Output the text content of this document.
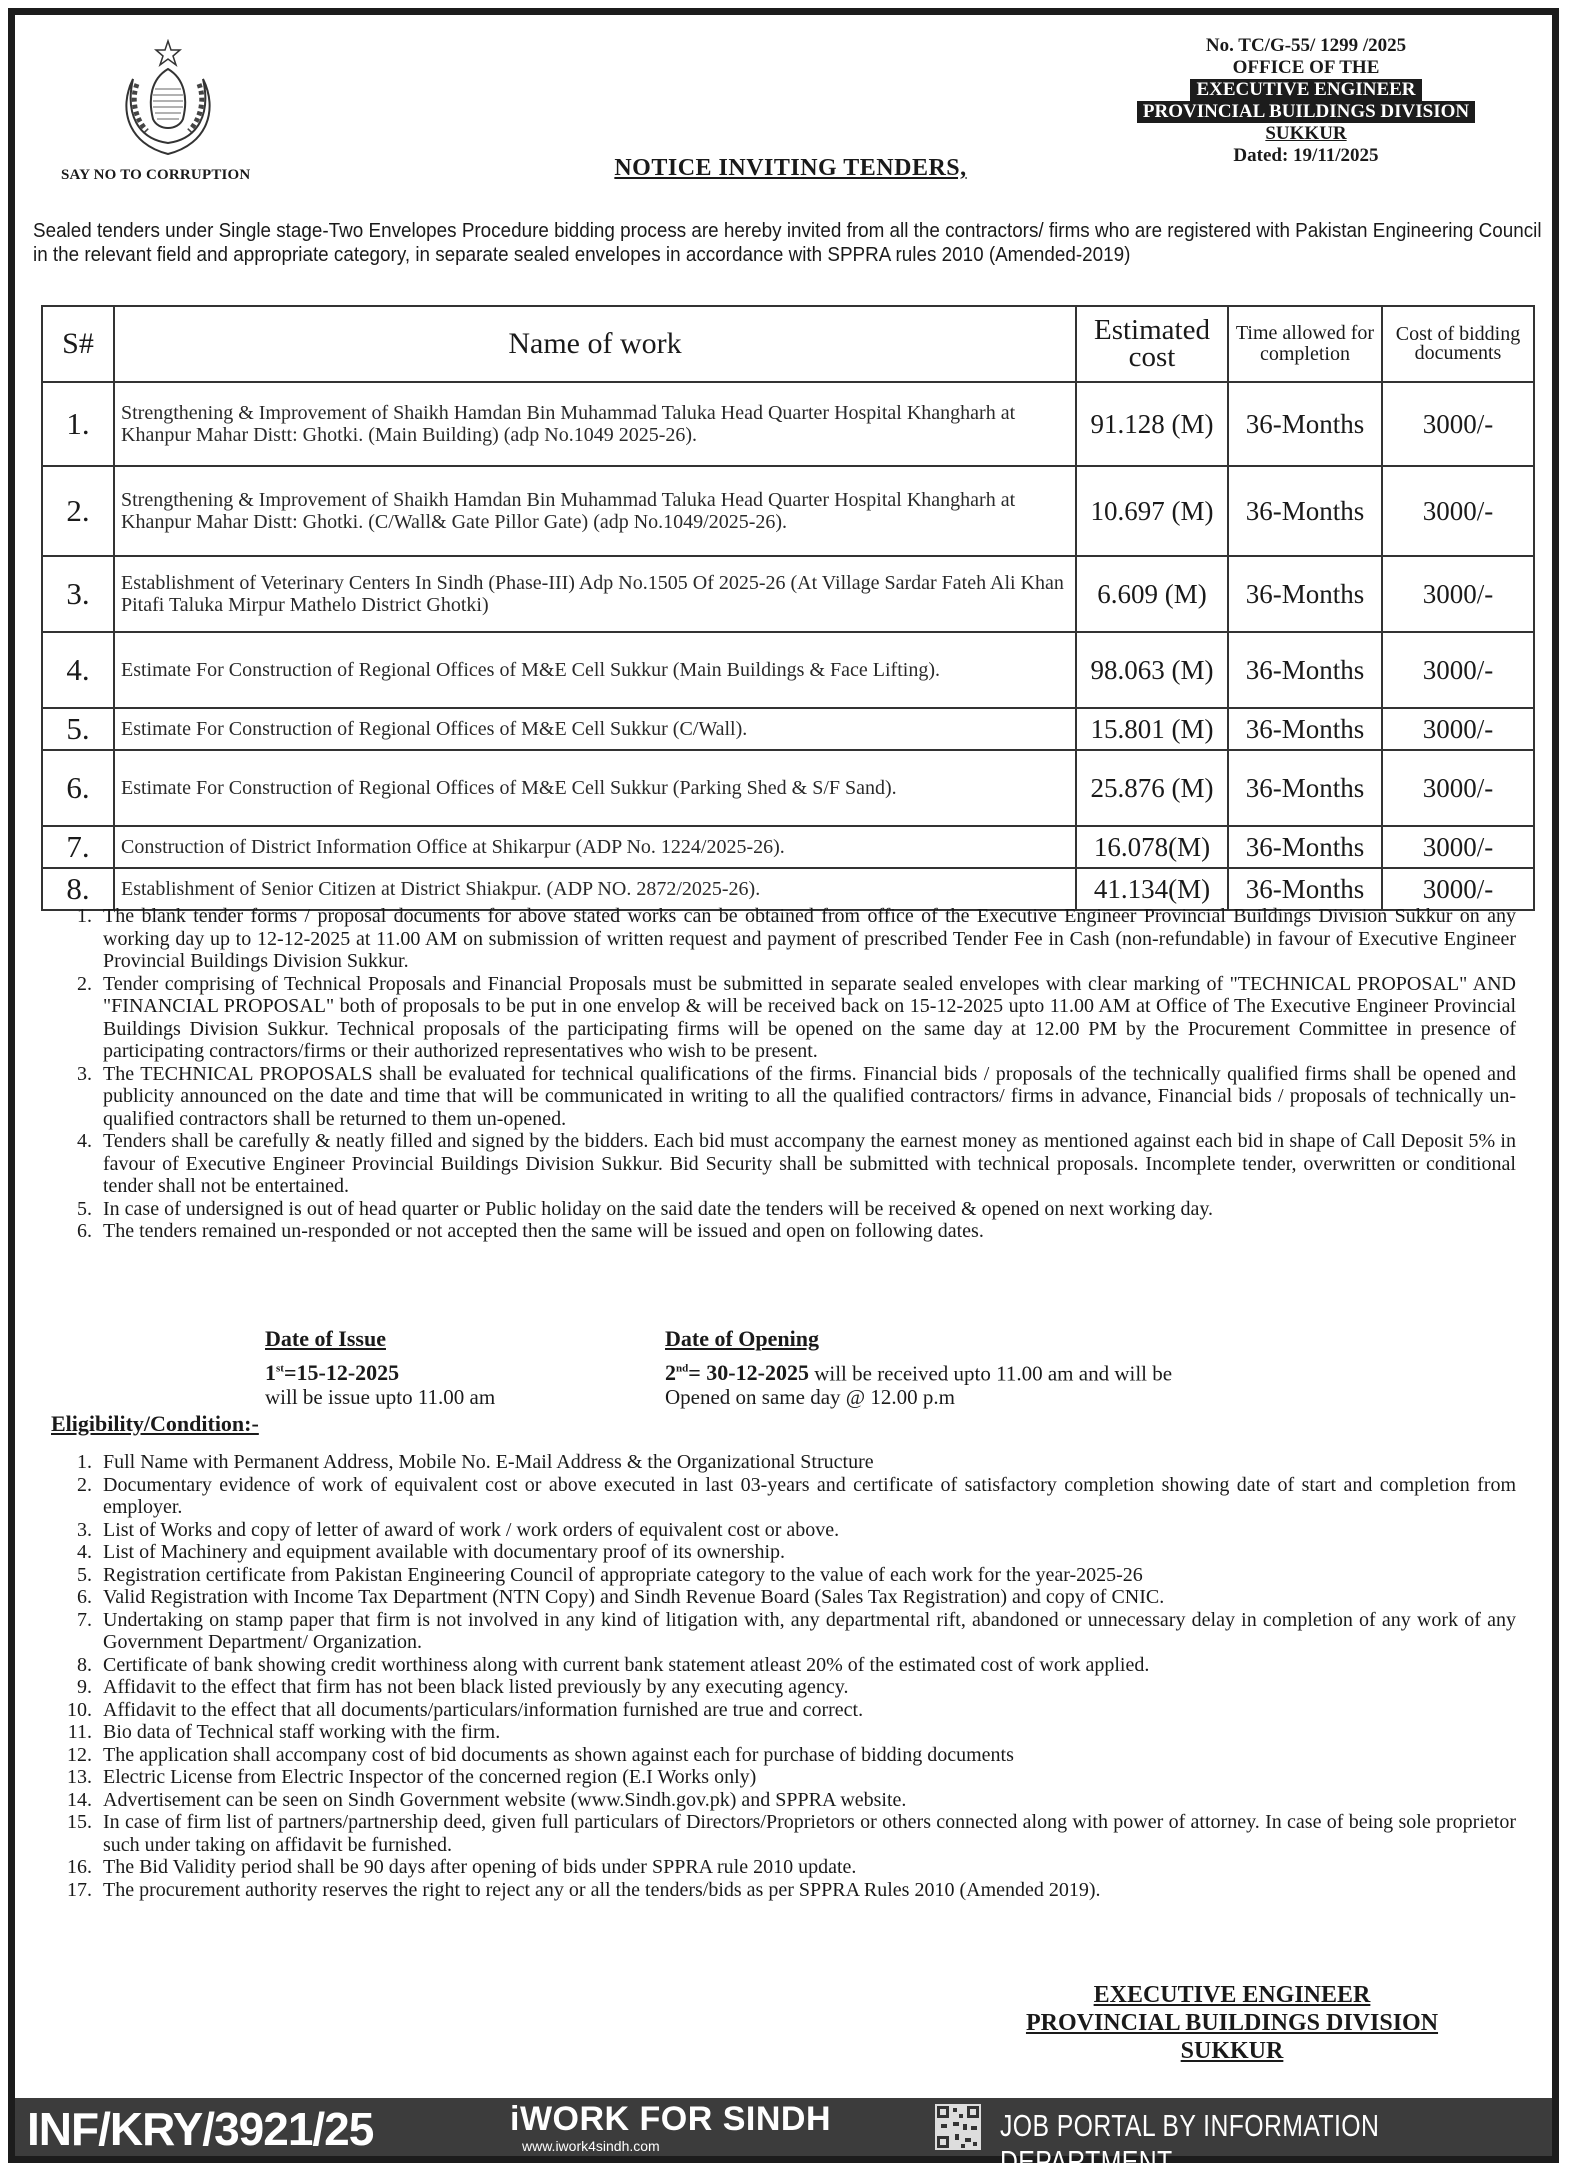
SAY NO TO CORRUPTION	NOTICE INVITING TENDERS,
No. TC/G-55/ 1299 /2025
OFFICE OF THE
EXECUTIVE ENGINEER
PROVINCIAL BUILDINGS DIVISION
SUKKUR
Dated: 19/11/2025
Sealed tenders under Single stage-Two Envelopes Procedure bidding process are hereby invited from all the contractors/ firms who are registered with Pakistan Engineering Council in the relevant field and appropriate category, in separate sealed envelopes in accordance with SPPRA rules 2010 (Amended-2019)
S#	Name of work	Estimated cost	Time allowed for completion	Cost of bidding documents
1.	Strengthening & Improvement of Shaikh Hamdan Bin Muhammad Taluka Head Quarter Hospital Khangharh at Khanpur Mahar Distt: Ghotki. (Main Building) (adp No.1049 2025-26).	91.128 (M)	36-Months	3000/-
2.	Strengthening & Improvement of Shaikh Hamdan Bin Muhammad Taluka Head Quarter Hospital Khangharh at Khanpur Mahar Distt: Ghotki. (C/Wall& Gate Pillor Gate) (adp No.1049/2025-26).	10.697 (M)	36-Months	3000/-
3.	Establishment of Veterinary Centers In Sindh (Phase-III) Adp No.1505 Of 2025-26 (At Village Sardar Fateh Ali Khan Pitafi Taluka Mirpur Mathelo District Ghotki)	6.609 (M)	36-Months	3000/-
4.	Estimate For Construction of Regional Offices of M&E Cell Sukkur (Main Buildings & Face Lifting).	98.063 (M)	36-Months	3000/-
5.	Estimate For Construction of Regional Offices of M&E Cell Sukkur (C/Wall).	15.801 (M)	36-Months	3000/-
6.	Estimate For Construction of Regional Offices of M&E Cell Sukkur (Parking Shed & S/F Sand).	25.876 (M)	36-Months	3000/-
7.	Construction of District Information Office at Shikarpur (ADP No. 1224/2025-26).	16.078(M)	36-Months	3000/-
8.	Establishment of Senior Citizen at District Shiakpur. (ADP NO. 2872/2025-26).	41.134(M)	36-Months	3000/-
1. The blank tender forms / proposal documents for above stated works can be obtained from office of the Executive Engineer Provincial Buildings Division Sukkur on any working day up to 12-12-2025 at 11.00 AM on submission of written request and payment of prescribed Tender Fee in Cash (non-refundable) in favour of Executive Engineer Provincial Buildings Division Sukkur.
2. Tender comprising of Technical Proposals and Financial Proposals must be submitted in separate sealed envelopes with clear marking of "TECHNICAL PROPOSAL" AND "FINANCIAL PROPOSAL" both of proposals to be put in one envelop & will be received back on 15-12-2025 upto 11.00 AM at Office of The Executive Engineer Provincial Buildings Division Sukkur. Technical proposals of the participating firms will be opened on the same day at 12.00 PM by the Procurement Committee in presence of participating contractors/firms or their authorized representatives who wish to be present.
3. The TECHNICAL PROPOSALS shall be evaluated for technical qualifications of the firms. Financial bids / proposals of the technically qualified firms shall be opened and publicity announced on the date and time that will be communicated in writing to all the qualified contractors/ firms in advance, Financial bids / proposals of technically un-qualified contractors shall be returned to them un-opened.
4. Tenders shall be carefully & neatly filled and signed by the bidders. Each bid must accompany the earnest money as mentioned against each bid in shape of Call Deposit 5% in favour of Executive Engineer Provincial Buildings Division Sukkur. Bid Security shall be submitted with technical proposals. Incomplete tender, overwritten or conditional tender shall not be entertained.
5. In case of undersigned is out of head quarter or Public holiday on the said date the tenders will be received & opened on next working day.
6. The tenders remained un-responded or not accepted then the same will be issued and open on following dates.
Date of Issue
1st=15-12-2025
will be issue upto 11.00 am
Date of Opening
2nd= 30-12-2025 will be received upto 11.00 am and will be
Opened on same day @ 12.00 p.m
Eligibility/Condition:-
1. Full Name with Permanent Address, Mobile No. E-Mail Address & the Organizational Structure
2. Documentary evidence of work of equivalent cost or above executed in last 03-years and certificate of satisfactory completion showing date of start and completion from employer.
3. List of Works and copy of letter of award of work / work orders of equivalent cost or above.
4. List of Machinery and equipment available with documentary proof of its ownership.
5. Registration certificate from Pakistan Engineering Council of appropriate category to the value of each work for the year-2025-26
6. Valid Registration with Income Tax Department (NTN Copy) and Sindh Revenue Board (Sales Tax Registration) and copy of CNIC.
7. Undertaking on stamp paper that firm is not involved in any kind of litigation with, any departmental rift, abandoned or unnecessary delay in completion of any work of any Government Department/ Organization.
8. Certificate of bank showing credit worthiness along with current bank statement atleast 20% of the estimated cost of work applied.
9. Affidavit to the effect that firm has not been black listed previously by any executing agency.
10. Affidavit to the effect that all documents/particulars/information furnished are true and correct.
11. Bio data of Technical staff working with the firm.
12. The application shall accompany cost of bid documents as shown against each for purchase of bidding documents
13. Electric License from Electric Inspector of the concerned region (E.I Works only)
14. Advertisement can be seen on Sindh Government website (www.Sindh.gov.pk) and SPPRA website.
15. In case of firm list of partners/partnership deed, given full particulars of Directors/Proprietors or others connected along with power of attorney. In case of being sole proprietor such under taking on affidavit be furnished.
16. The Bid Validity period shall be 90 days after opening of bids under SPPRA rule 2010 update.
17. The procurement authority reserves the right to reject any or all the tenders/bids as per SPPRA Rules 2010 (Amended 2019).
EXECUTIVE ENGINEER
PROVINCIAL BUILDINGS DIVISION
SUKKUR
INF/KRY/3921/25	iWORK FOR SINDH
www.iwork4sindh.com
JOB PORTAL BY INFORMATION DEPARTMENT
